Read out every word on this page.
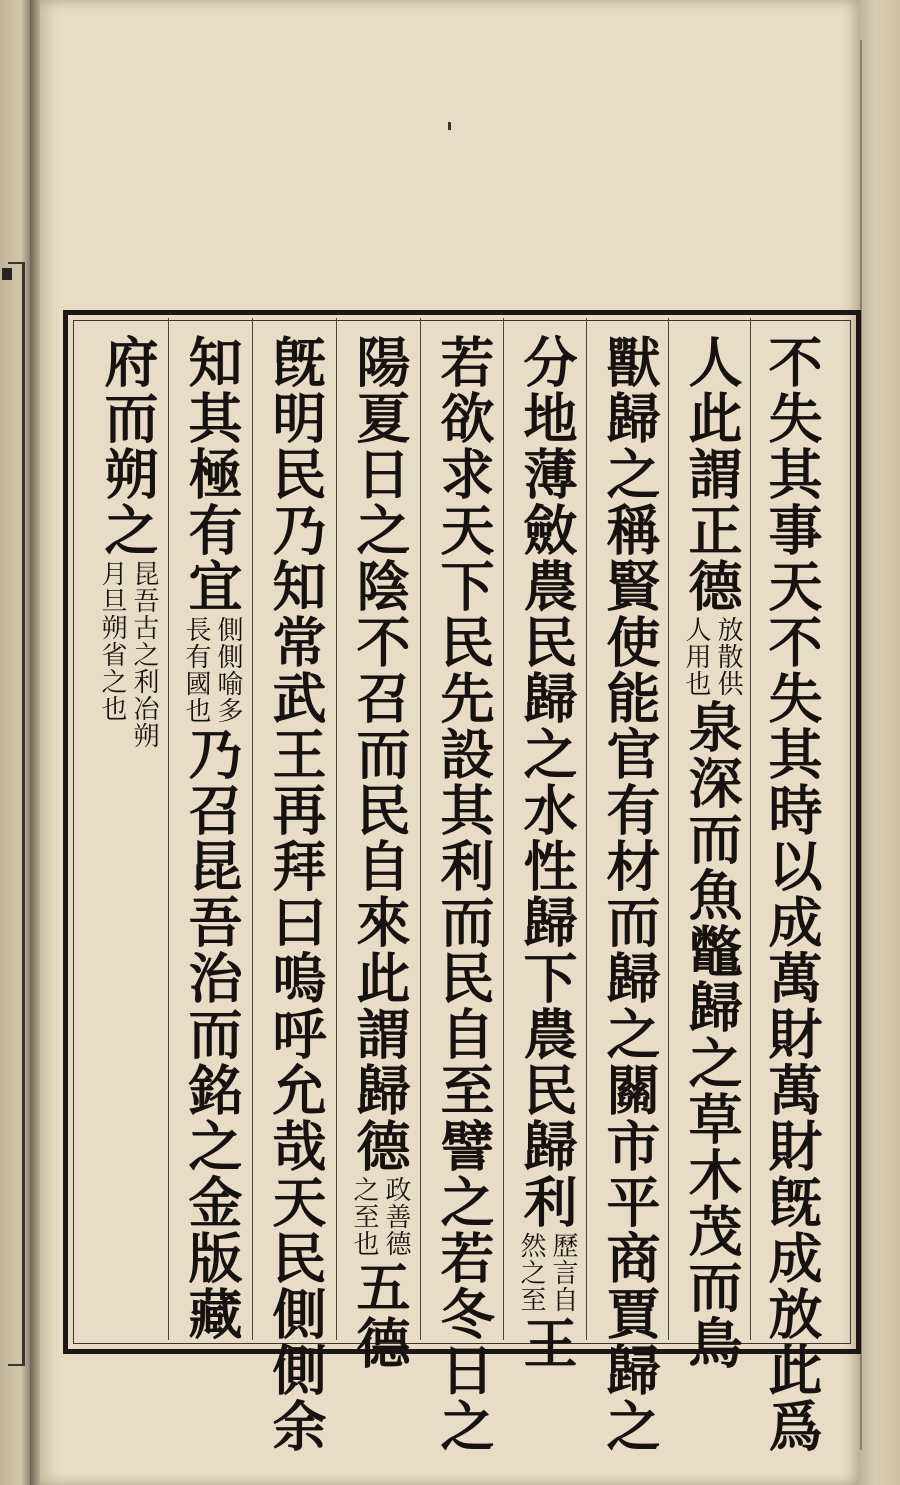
不失其事天不失其時以成萬財萬財旣成放此爲
人此謂正德
放散供
人用也
泉深而魚鼈歸之草木茂而鳥
獸歸之稱賢使能官有材而歸之關市平商賈歸之
分地薄斂農民歸之水性歸下農民歸利
歷言自
然之至
王
若欲求天下民先設其利而民自至譬之若冬日之
陽夏日之陰不召而民自來此謂歸德
政善德
之至也
五德
旣明民乃知常武王再拜曰嗚呼允哉天民側側余
知其極有宜
側側喻多
長有國也
乃召昆吾治而銘之金版藏
府而朔之
昆吾古之利冶朔
月旦朔省之也
